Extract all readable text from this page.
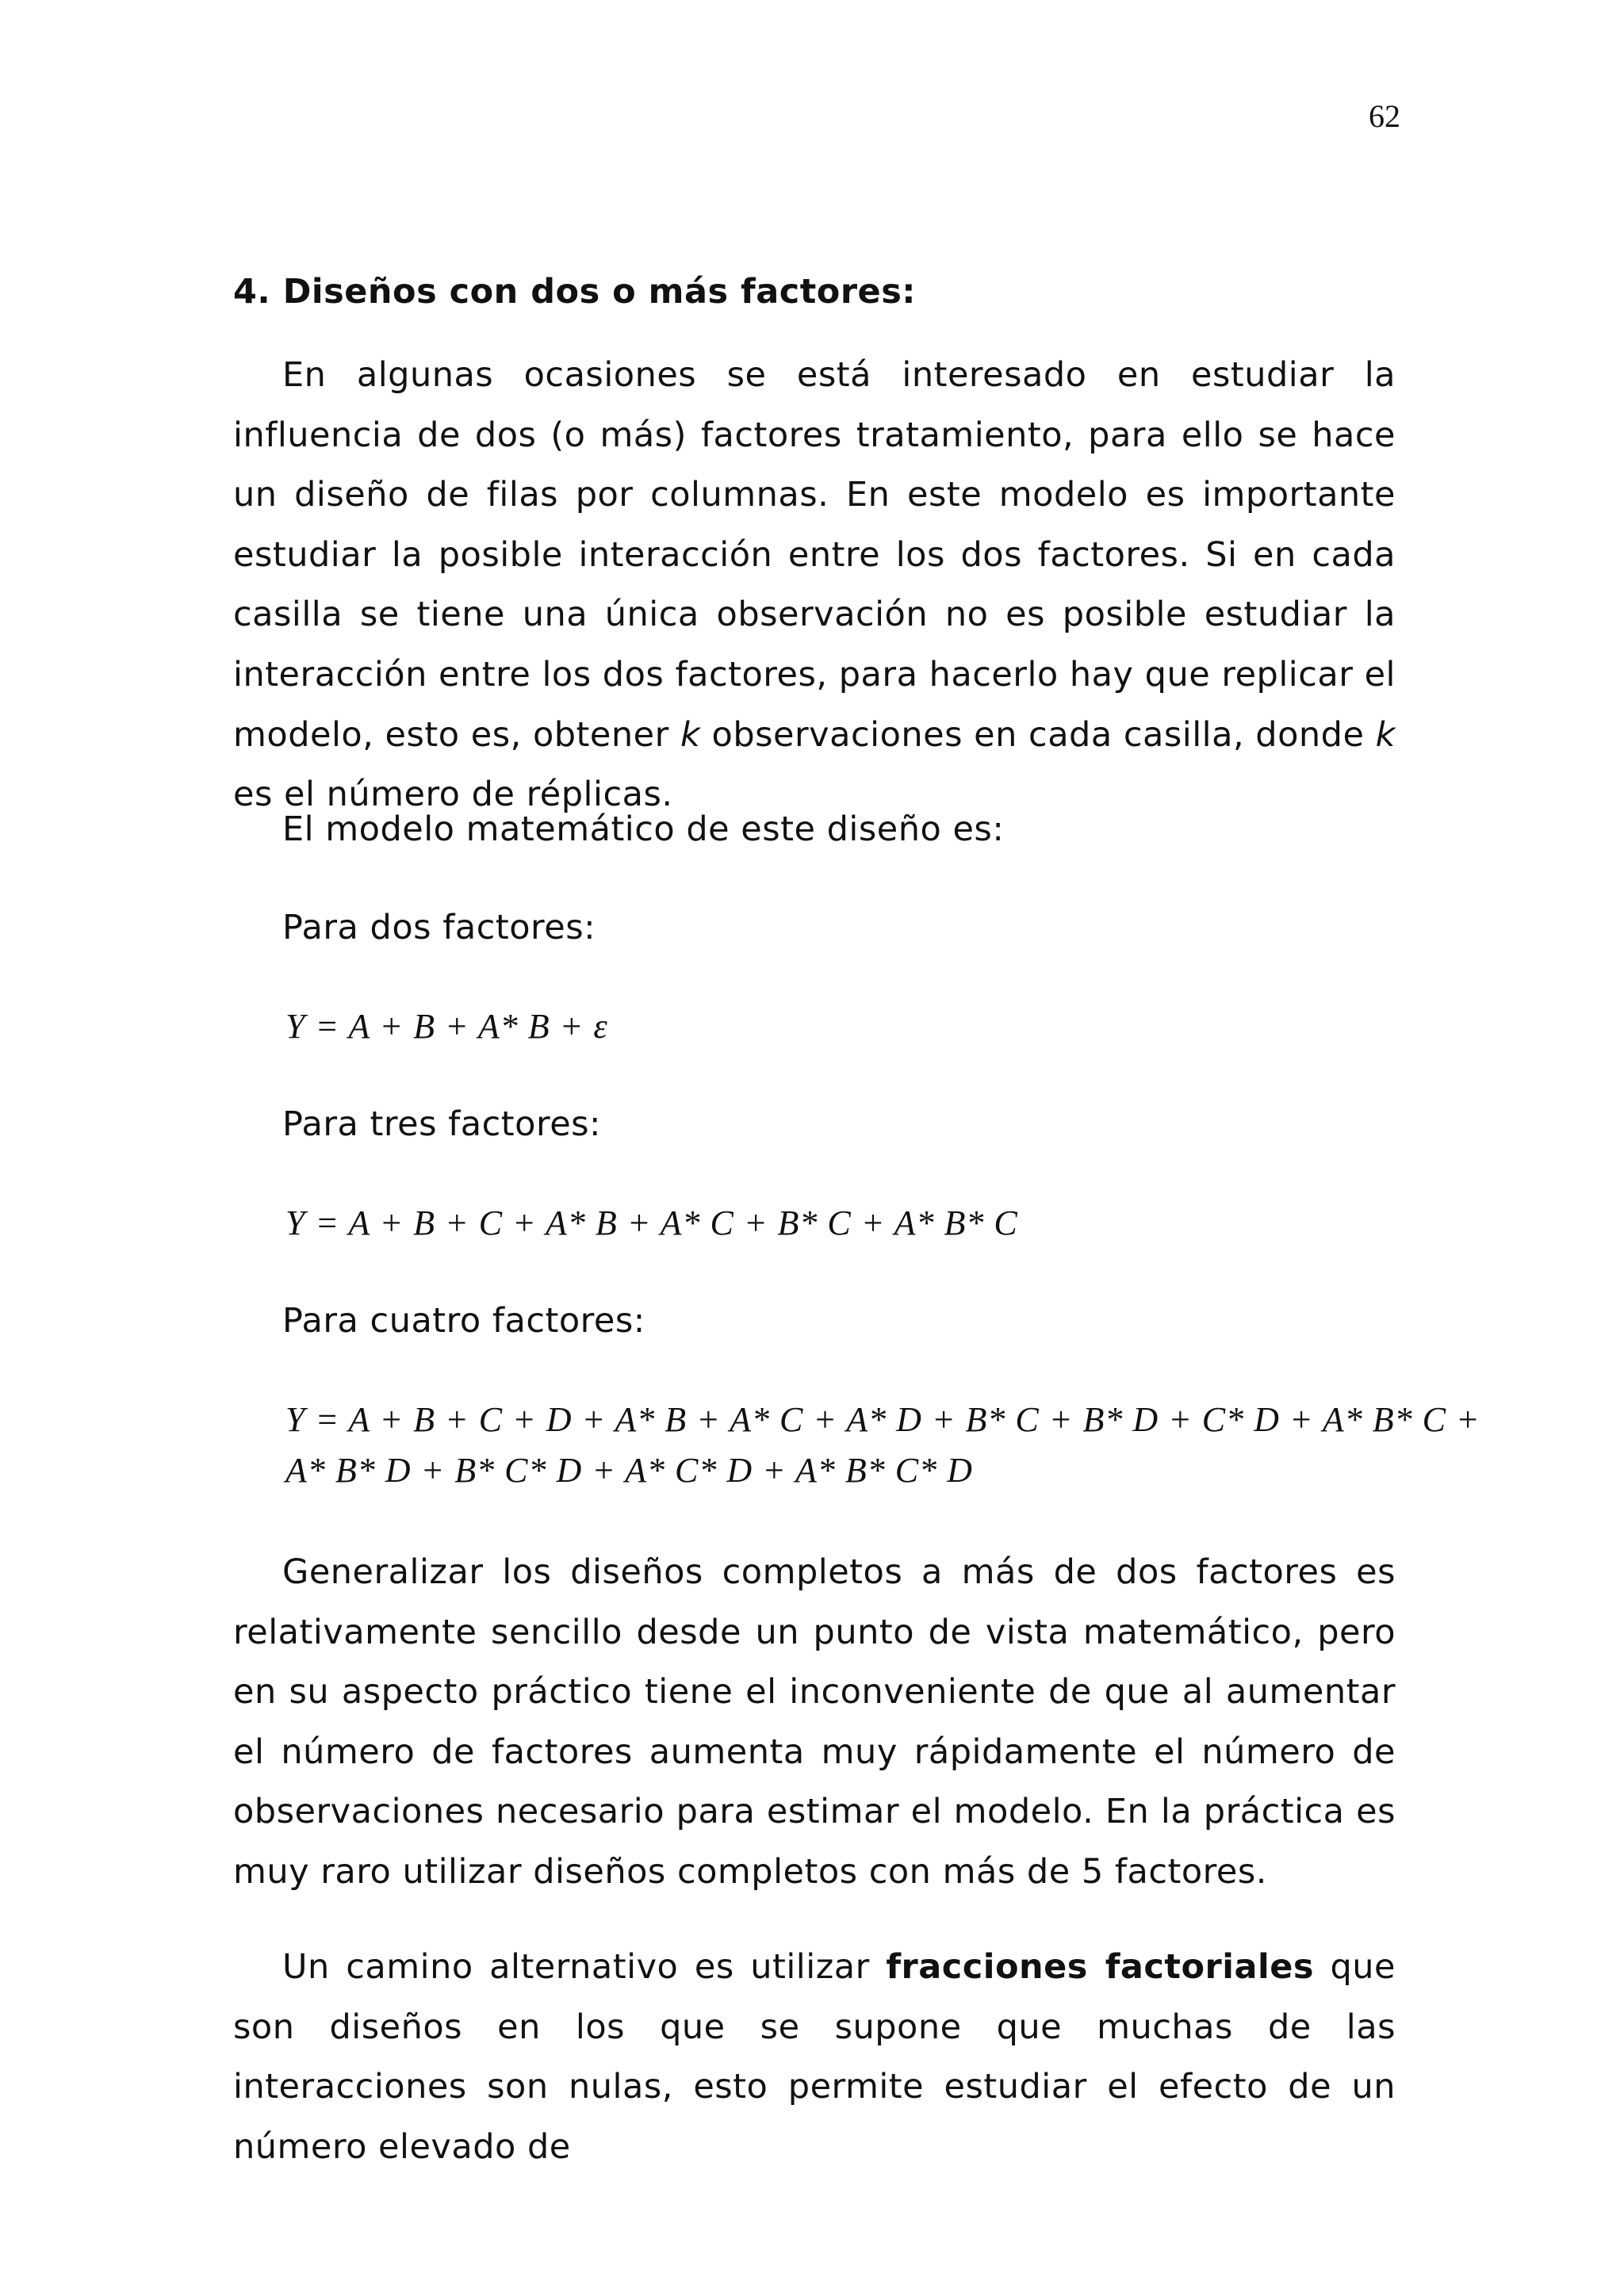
62
4. Diseños con dos o más factores:

En algunas ocasiones se está interesado en estudiar la influencia de dos (o más) factores tratamiento, para ello se hace un diseño de filas por columnas. En este modelo es importante estudiar la posible interacción entre los dos factores. Si en cada casilla se tiene una única observación no es posible estudiar la interacción entre los dos factores, para hacerlo hay que replicar el modelo, esto es, obtener k observaciones en cada casilla, donde k es el número de réplicas.

El modelo matemático de este diseño es:

Para dos factores:

Y = A + B + A* B + ε

Para tres factores:

Y = A + B + C + A* B + A* C + B* C + A* B* C

Para cuatro factores:

Y = A + B + C + D + A* B + A* C + A* D + B* C + B* D + C* D + A* B* C +

A* B* D + B* C* D + A* C* D + A* B* C* D

Generalizar los diseños completos a más de dos factores es relativamente sencillo desde un punto de vista matemático, pero en su aspecto práctico tiene el inconveniente de que al aumentar el número de factores aumenta muy rápidamente el número de observaciones necesario para estimar el modelo. En la práctica es muy raro utilizar diseños completos con más de 5 factores.

Un camino alternativo es utilizar fracciones factoriales que son diseños en los que se supone que muchas de las interacciones son nulas, esto permite estudiar el efecto de un número elevado de
